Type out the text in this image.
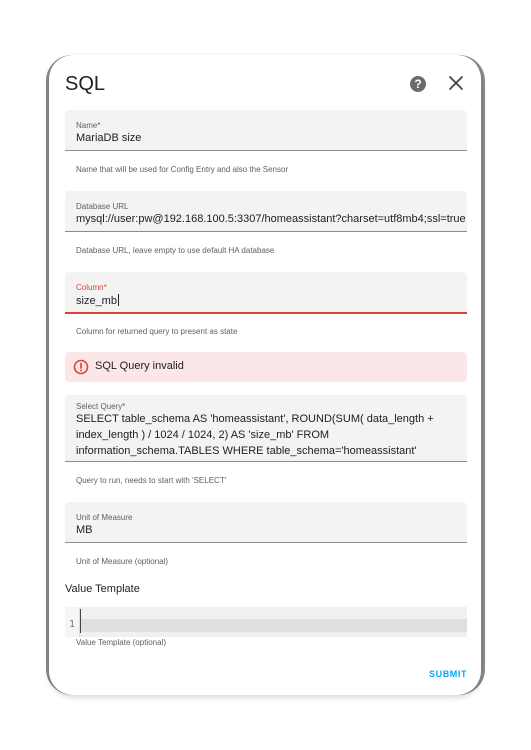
SQL	?
Name*
MariaDB size
Name that will be used for Config Entry and also the Sensor
Database URL
mysql://user:pw@192.168.100.5:3307/homeassistant?charset=utf8mb4;ssl=true
Database URL, leave empty to use default HA database
Column*
size_mb
Column for returned query to present as state
SQL Query invalid
Select Query*
SELECT table_schema AS 'homeassistant', ROUND(SUM( data_length + index_length ) / 1024 / 1024, 2) AS 'size_mb' FROM information_schema.TABLES WHERE table_schema='homeassistant'
Query to run, needs to start with 'SELECT'
Unit of Measure
MB
Unit of Measure (optional)
Value Template
1
Value Template (optional)
SUBMIT
